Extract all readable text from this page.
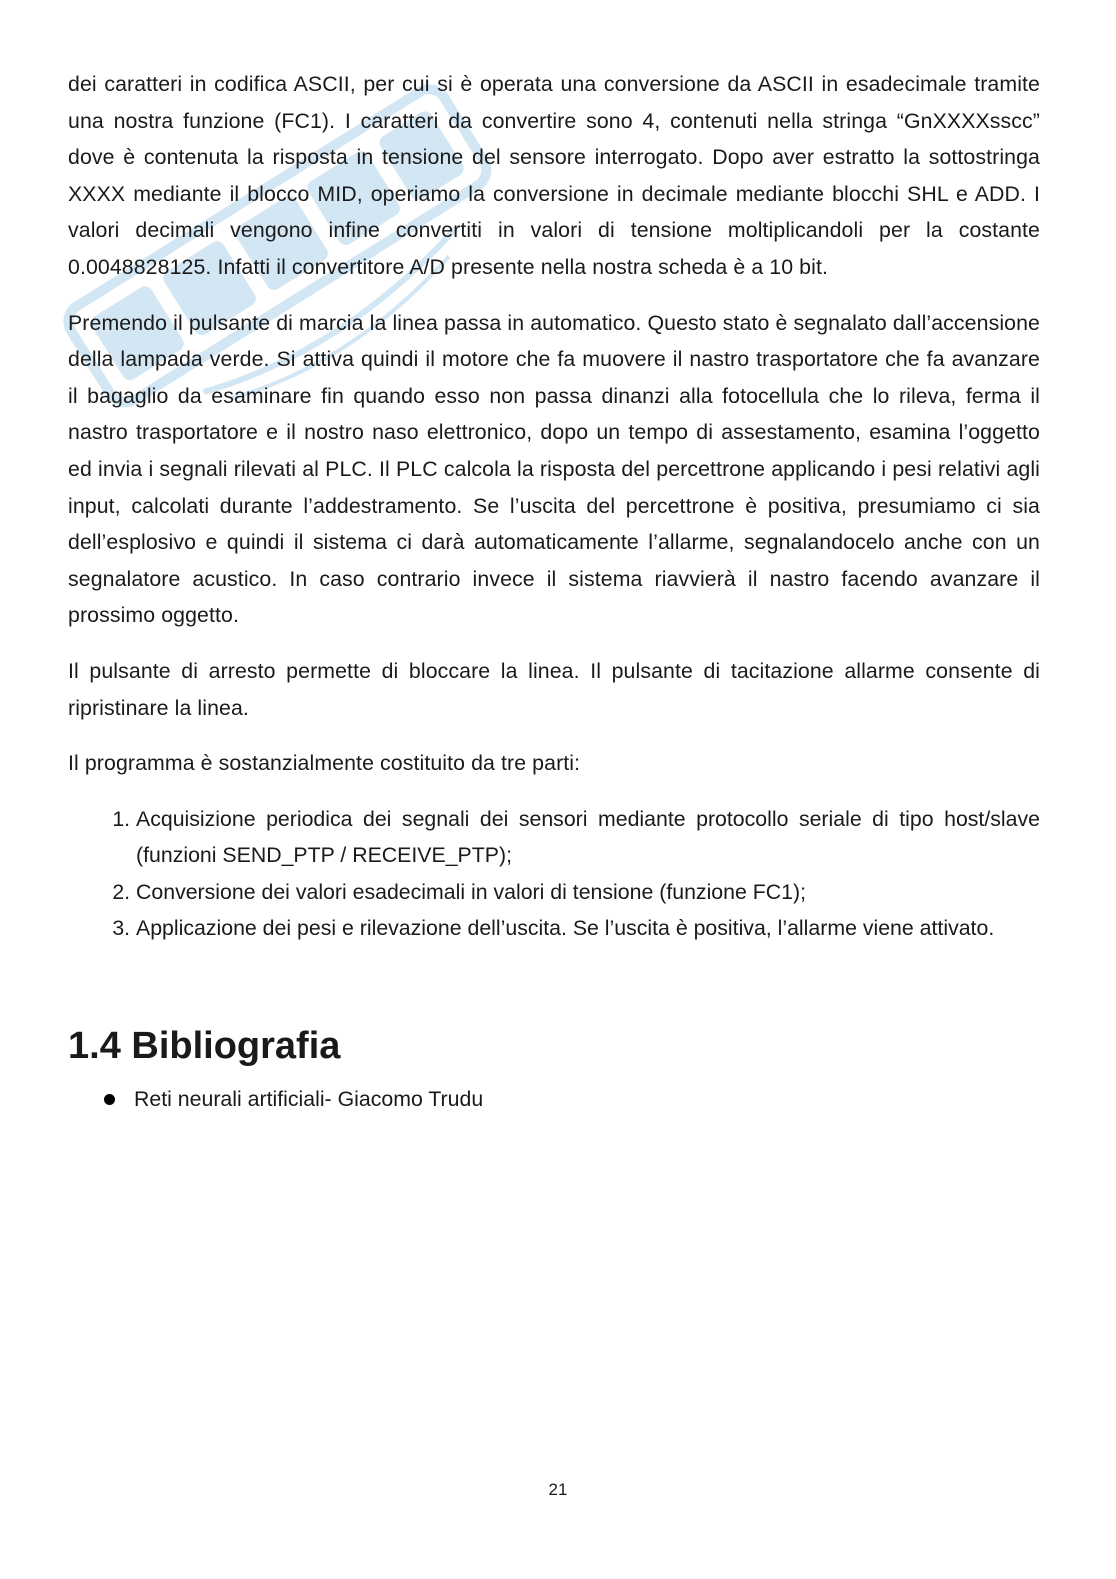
dei caratteri in codifica ASCII, per cui si è operata una conversione da ASCII in esadecimale tramite una nostra funzione (FC1). I caratteri da convertire sono 4, contenuti nella stringa “GnXXXXsscc” dove è contenuta la risposta in tensione del sensore interrogato. Dopo aver estratto la sottostringa XXXX mediante il blocco MID, operiamo la conversione in decimale mediante blocchi SHL e ADD. I valori decimali vengono infine convertiti in valori di tensione moltiplicandoli per la costante 0.0048828125. Infatti il convertitore A/D presente nella nostra scheda è a 10 bit.

Premendo il pulsante di marcia la linea passa in automatico. Questo stato è segnalato dall’accensione della lampada verde. Si attiva quindi il motore che fa muovere il nastro trasportatore che fa avanzare il bagaglio da esaminare fin quando esso non passa dinanzi alla fotocellula che lo rileva, ferma il nastro trasportatore e il nostro naso elettronico, dopo un tempo di assestamento, esamina l’oggetto ed invia i segnali rilevati al PLC. Il PLC calcola la risposta del percettrone applicando i pesi relativi agli input, calcolati durante l’addestramento. Se l’uscita del percettrone è positiva, presumiamo ci sia dell’esplosivo e quindi il sistema ci darà automaticamente l’allarme, segnalandocelo anche con un segnalatore acustico. In caso contrario invece il sistema riavvierà il nastro facendo avanzare il prossimo oggetto.

Il pulsante di arresto permette di bloccare la linea. Il pulsante di tacitazione allarme consente di ripristinare la linea.

Il programma è sostanzialmente costituito da tre parti:

1. Acquisizione periodica dei segnali dei sensori mediante protocollo seriale di tipo host/slave (funzioni SEND_PTP / RECEIVE_PTP);
2. Conversione dei valori esadecimali in valori di tensione (funzione FC1);
3. Applicazione dei pesi e rilevazione dell’uscita. Se l’uscita è positiva, l’allarme viene attivato.
1.4 Bibliografia
Reti neurali artificiali- Giacomo Trudu
21
